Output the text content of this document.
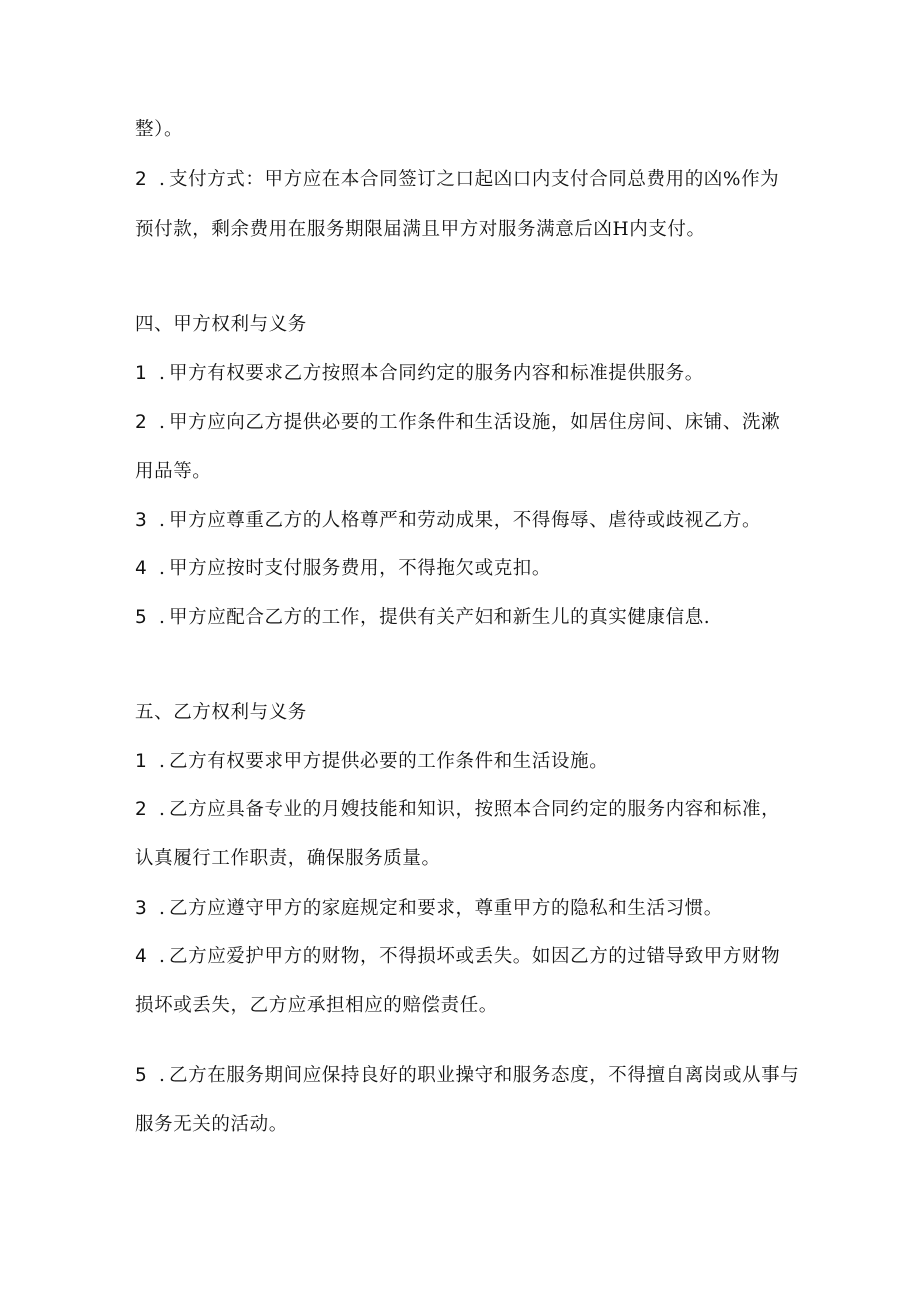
整）。
2 . 支付方式：甲方应在本合同签订之口起凶口内支付合同总费用的凶%作为
预付款，剩余费用在服务期限届满且甲方对服务满意后凶H内支付。
四、甲方权利与义务
1 . 甲方有权要求乙方按照本合同约定的服务内容和标准提供服务。
2 . 甲方应向乙方提供必要的工作条件和生活设施，如居住房间、床铺、洗漱
用品等。
3 . 甲方应尊重乙方的人格尊严和劳动成果，不得侮辱、虐待或歧视乙方。
4 . 甲方应按时支付服务费用，不得拖欠或克扣。
5 . 甲方应配合乙方的工作，提供有关产妇和新生儿的真实健康信息.
五、乙方权利与义务
1 . 乙方有权要求甲方提供必要的工作条件和生活设施。
2 . 乙方应具备专业的月嫂技能和知识，按照本合同约定的服务内容和标准，
认真履行工作职责，确保服务质量。
3 . 乙方应遵守甲方的家庭规定和要求，尊重甲方的隐私和生活习惯。
4 . 乙方应爱护甲方的财物，不得损坏或丢失。如因乙方的过错导致甲方财物
损坏或丢失，乙方应承担相应的赔偿责任。
5 . 乙方在服务期间应保持良好的职业操守和服务态度，不得擅自离岗或从事与
服务无关的活动。
